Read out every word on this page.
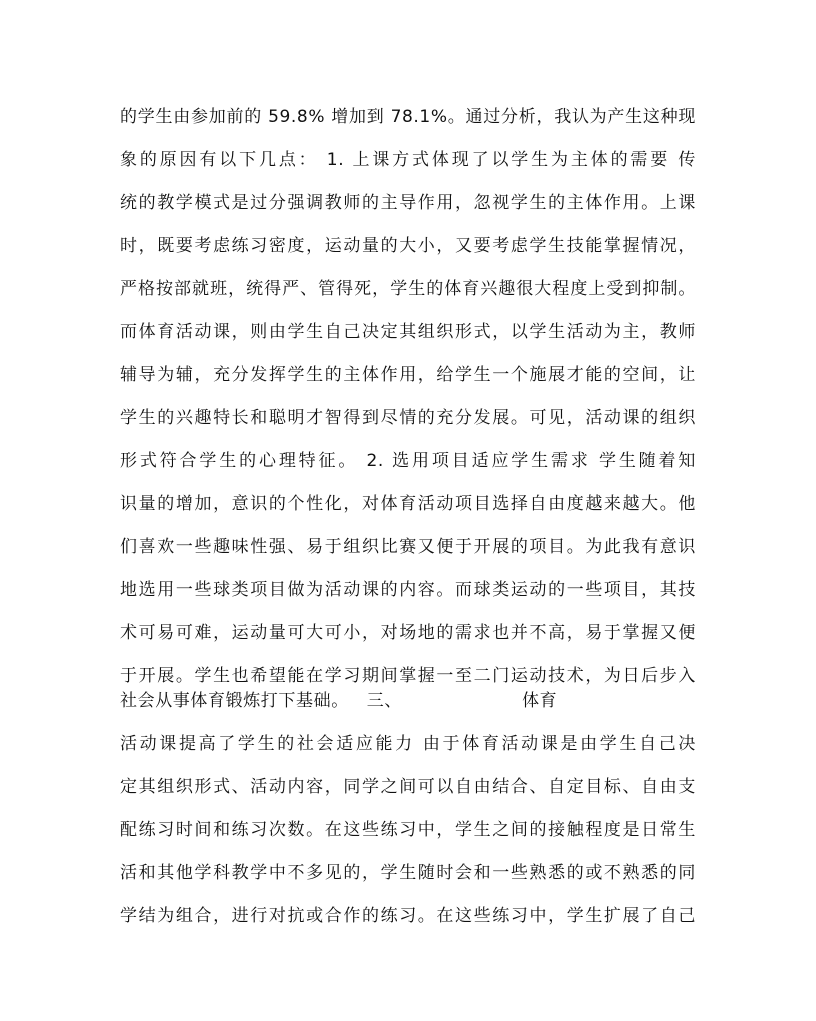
的学生由参加前的 59.8% 增加到 78.1%。通过分析，我认为产生这种现
象的原因有以下几点： 1. 上课方式体现了以学生为主体的需要 传
统的教学模式是过分强调教师的主导作用，忽视学生的主体作用。上课
时，既要考虑练习密度，运动量的大小，又要考虑学生技能掌握情况，
严格按部就班，统得严、管得死，学生的体育兴趣很大程度上受到抑制。
而体育活动课，则由学生自己决定其组织形式，以学生活动为主，教师
辅导为辅，充分发挥学生的主体作用，给学生一个施展才能的空间，让
学生的兴趣特长和聪明才智得到尽情的充分发展。可见，活动课的组织
形式符合学生的心理特征。 2. 选用项目适应学生需求 学生随着知
识量的增加，意识的个性化，对体育活动项目选择自由度越来越大。他
们喜欢一些趣味性强、易于组织比赛又便于开展的项目。为此我有意识
地选用一些球类项目做为活动课的内容。而球类运动的一些项目，其技
术可易可难，运动量可大可小，对场地的需求也并不高，易于掌握又便
于开展。学生也希望能在学习期间掌握一至二门运动技术，为日后步入
社会从事体育锻炼打下基础。   三、                    体育
活动课提高了学生的社会适应能力 由于体育活动课是由学生自己决
定其组织形式、活动内容，同学之间可以自由结合、自定目标、自由支
配练习时间和练习次数。在这些练习中，学生之间的接触程度是日常生
活和其他学科教学中不多见的，学生随时会和一些熟悉的或不熟悉的同
学结为组合，进行对抗或合作的练习。在这些练习中，学生扩展了自己
